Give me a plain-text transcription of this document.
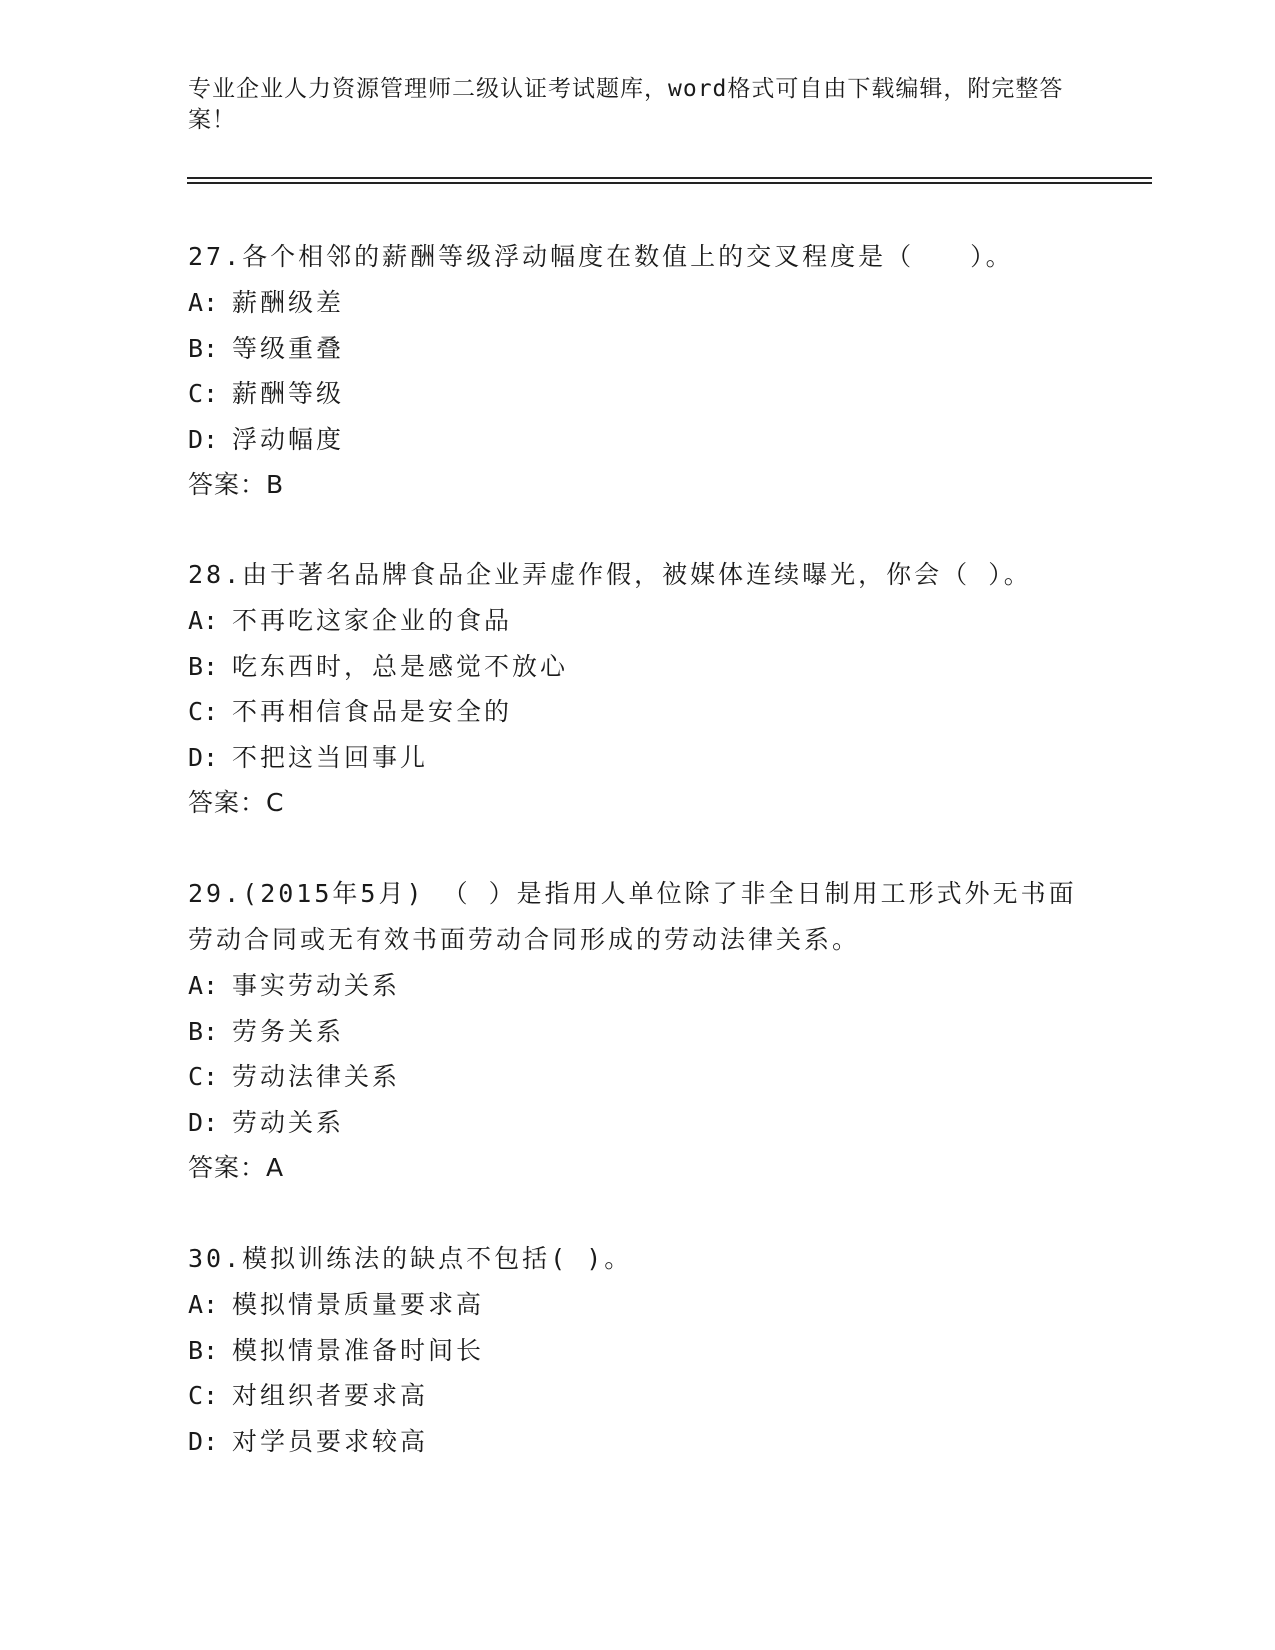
专业企业人力资源管理师二级认证考试题库，word格式可自由下载编辑，附完整答案！
27.各个相邻的薪酬等级浮动幅度在数值上的交叉程度是（　　）。
A: 薪酬级差
B: 等级重叠
C: 薪酬等级
D: 浮动幅度
答案：B
28.由于著名品牌食品企业弄虚作假，被媒体连续曝光，你会（ ）。
A: 不再吃这家企业的食品
B: 吃东西时，总是感觉不放心
C: 不再相信食品是安全的
D: 不把这当回事儿
答案：C
29.(2015年5月) （ ）是指用人单位除了非全日制用工形式外无书面劳动合同或无有效书面劳动合同形成的劳动法律关系。
A: 事实劳动关系
B: 劳务关系
C: 劳动法律关系
D: 劳动关系
答案：A
30.模拟训练法的缺点不包括( )。
A: 模拟情景质量要求高
B: 模拟情景准备时间长
C: 对组织者要求高
D: 对学员要求较高
